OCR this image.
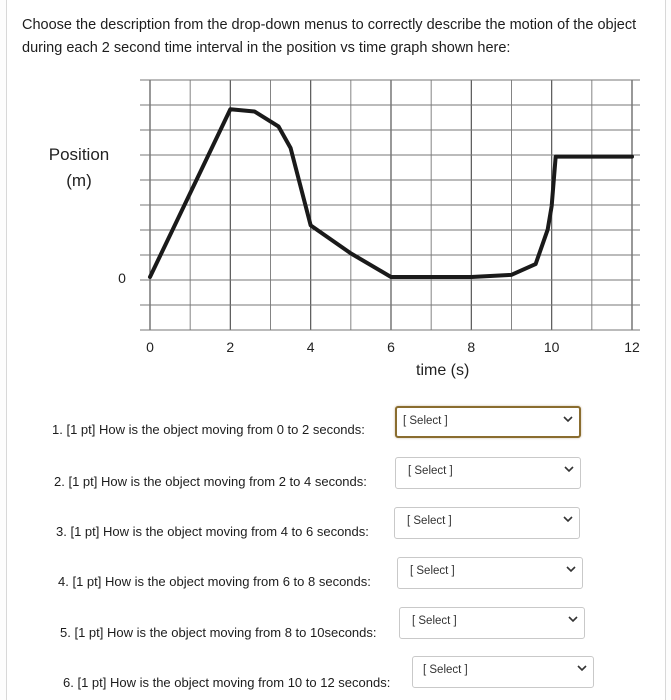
Choose the description from the drop-down menus to correctly describe the motion of the object during each 2 second time interval in the position vs time graph shown here:
0	2	4	6	8	10	12
0
Position
(m)
time (s)
1. [1 pt] How is the object moving from 0 to 2 seconds:
[ Select ]
2. [1 pt] How is the object moving from 2 to 4 seconds:
[ Select ]
3. [1 pt] How is the object moving from 4 to 6 seconds:
[ Select ]
4. [1 pt] How is the object moving from 6 to 8 seconds:
[ Select ]
5. [1 pt] How is the object moving from 8 to 10seconds:
[ Select ]
6. [1 pt] How is the object moving from 10 to 12 seconds:
[ Select ]
